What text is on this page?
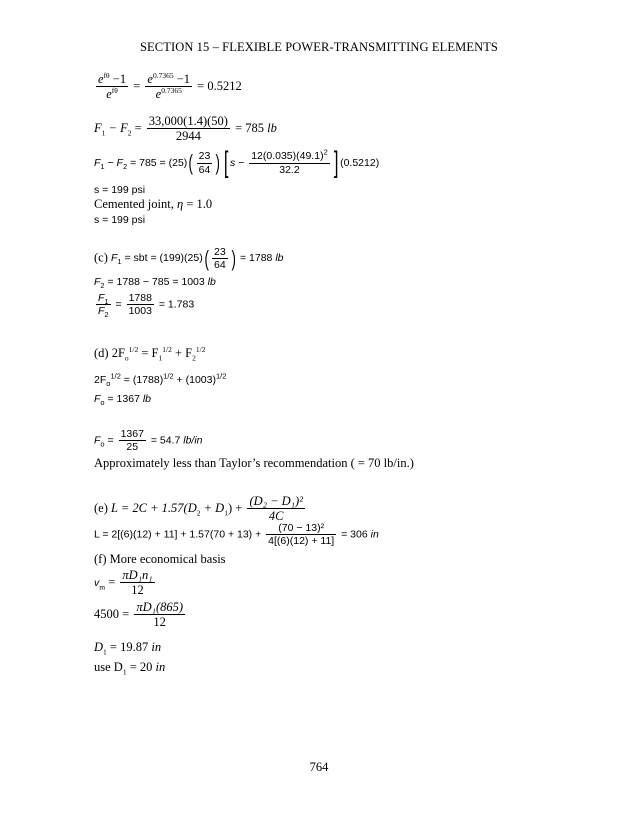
SECTION 15 – FLEXIBLE POWER-TRANSMITTING ELEMENTS
$\frac{e^{f\theta} -1}{e^{f\theta}} = \frac{e^{0.7365} -1}{e^{0.7365}} = 0.5212$
$F_1 - F_2 = \frac{33,000(1.4)(50)}{2944} = 785$ lb
$F_1 - F_2 = 785 = (25)( \frac{23}{64}$ ) [ $s - \frac{12(0.035)(49.1)^2}{32.2}$ ] (0.5212)
s = 199 psi
Cemented joint, η = 1.0
s = 199 psi
(c) $F_1$ = sbt = $(199)(25)( \frac{23}{64}$ ) = 1788 lb
$F_2 = 1788 - 785 = 1003$ lb
$\frac{F_1}{F_2} = \frac{1788}{1003} = 1.783$
(d) $2F_o^{1/2} = F_1^{1/2} + F_2^{1/2}$
$2F_o^{1/2} = (1788)^{1/2} + (1003)^{1/2}$
$F_o = 1367$ lb
$F_o = \frac{1367}{25} = 54.7$ lb/in
Approximately less than Taylor’s recommendation ( = 70 lb/in.)
(e) $L = 2C + 1.57(D_2 + D_1) + \frac{\text{(D₂ − D₁)²}}{4C}$
$L = 2[(6)(12) + 11] + 1.57(70 + 13) + \frac{\text{(70 − 13)²}}{4[(6)(12) + 11]} = 306$ in
(f) More economical basis
$v_m = \frac{\text{πD₁n₁}}{12}$
$4500 = \frac{\text{πD₁(865)}}{12}$
$D_1 = 19.87$ in
use $D_1 = 20$ in
764
